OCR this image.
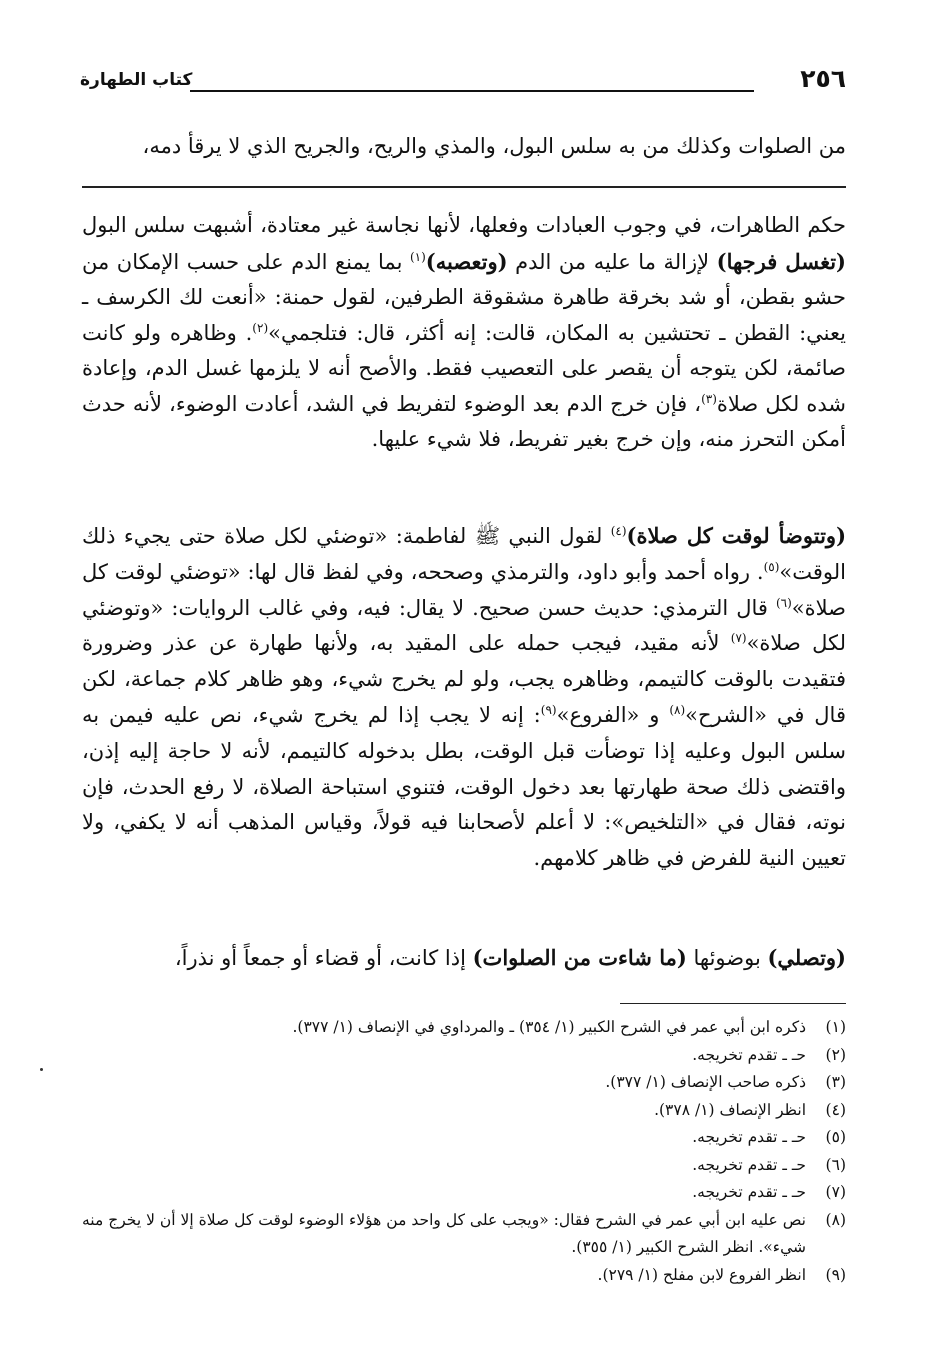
٢٥٦
كتاب الطهارة

من الصلوات وكذلك من به سلس البول، والمذي والريح، والجريح الذي لا يرقأ دمه،

حكم الطاهرات، في وجوب العبادات وفعلها، لأنها نجاسة غير معتادة، أشبهت سلس البول (تغسل فرجها) لإزالة ما عليه من الدم (وتعصبه)$^{(١)}$ بما يمنع الدم على حسب الإمكان من حشو بقطن، أو شد بخرقة طاهرة مشقوقة الطرفين، لقول حمنة: «أنعت لك الكرسف ـ يعني: القطن ـ تحتشين به المكان، قالت: إنه أكثر، قال: فتلجمي»$^{(٢)}$. وظاهره ولو كانت صائمة، لكن يتوجه أن يقصر على التعصيب فقط. والأصح أنه لا يلزمها غسل الدم، وإعادة شده لكل صلاة$^{(٣)}$، فإن خرج الدم بعد الوضوء لتفريط في الشد، أعادت الوضوء، لأنه حدث أمكن التحرز منه، وإن خرج بغير تفريط، فلا شيء عليها.

(وتتوضأ لوقت كل صلاة)$^{(٤)}$ لقول النبي ﷺ لفاطمة: «توضئي لكل صلاة حتى يجيء ذلك الوقت»$^{(٥)}$. رواه أحمد وأبو داود، والترمذي وصححه، وفي لفظ قال لها: «توضئي لوقت كل صلاة»$^{(٦)}$ قال الترمذي: حديث حسن صحيح. لا يقال: فيه، وفي غالب الروايات: «وتوضئي لكل صلاة»$^{(٧)}$ لأنه مقيد، فيجب حمله على المقيد به، ولأنها طهارة عن عذر وضرورة فتقيدت بالوقت كالتيمم، وظاهره يجب، ولو لم يخرج شيء، وهو ظاهر كلام جماعة، لكن قال في «الشرح»$^{(٨)}$ و «الفروع»$^{(٩)}$: إنه لا يجب إذا لم يخرج شيء، نص عليه فيمن به سلس البول وعليه إذا توضأت قبل الوقت، بطل بدخوله كالتيمم، لأنه لا حاجة إليه إذن، واقتضى ذلك صحة طهارتها بعد دخول الوقت، فتنوي استباحة الصلاة، لا رفع الحدث، فإن نوته، فقال في «التلخيص»: لا أعلم لأصحابنا فيه قولاً، وقياس المذهب أنه لا يكفي، ولا تعيين النية للفرض في ظاهر كلامهم.

(وتصلي) بوضوئها (ما شاءت من الصلوات) إذا كانت، أو قضاء أو جمعاً أو نذراً،

(١)
ذكره ابن أبي عمر في الشرح الكبير (١/ ٣٥٤) ـ والمرداوي في الإنصاف (١/ ٣٧٧).
(٢)
حـ ـ تقدم تخريجه.
(٣)
ذكره صاحب الإنصاف (١/ ٣٧٧).
(٤)
انظر الإنصاف (١/ ٣٧٨).
(٥)
حـ ـ تقدم تخريجه.
(٦)
حـ ـ تقدم تخريجه.
(٧)
حـ ـ تقدم تخريجه.
(٨)
نص عليه ابن أبي عمر في الشرح فقال: «ويجب على كل واحد من هؤلاء الوضوء لوقت كل صلاة إلا أن لا يخرج منه شيء». انظر الشرح الكبير (١/ ٣٥٥).
(٩)
انظر الفروع لابن مفلح (١/ ٢٧٩).
